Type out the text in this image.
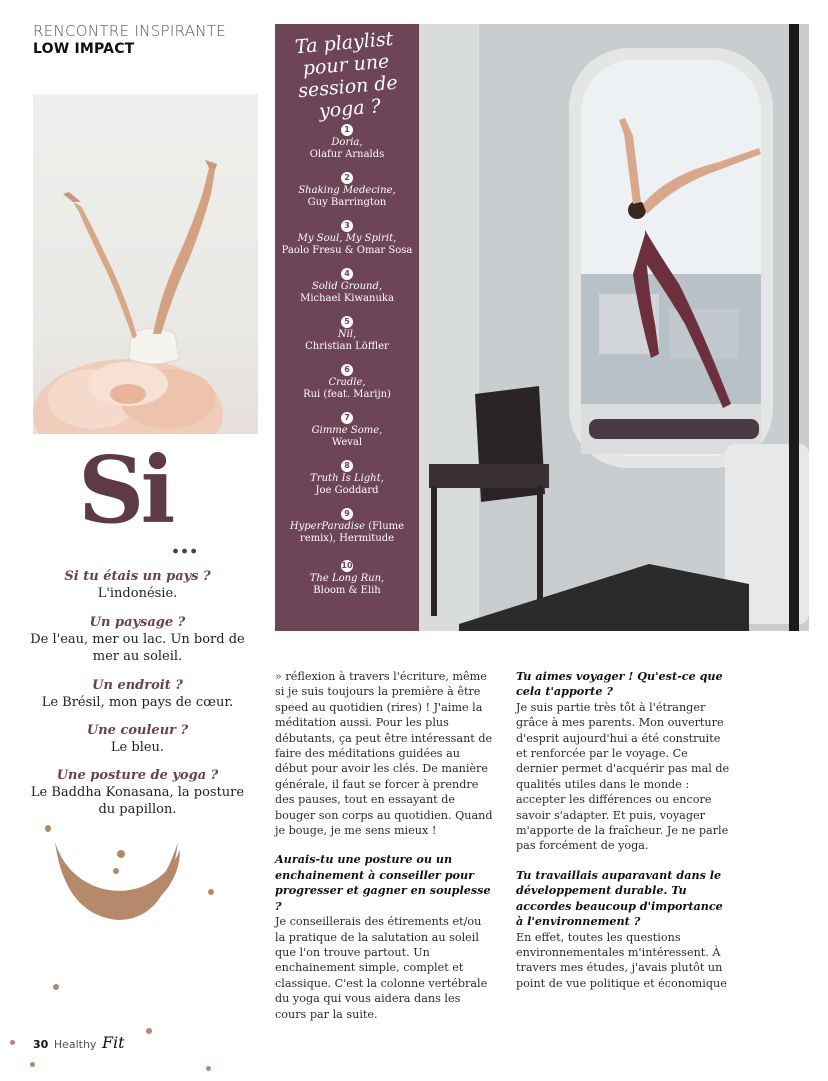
RENCONTRE INSPIRANTE
LOW IMPACT
Si
...
Si tu étais un pays ?
L'indonésie.
Un paysage ?
De l'eau, mer ou lac. Un bord de mer au soleil.
Un endroit ?
Le Brésil, mon pays de cœur.
Une couleur ?
Le bleu.
Une posture de yoga ?
Le Baddha Konasana, la posture du papillon.
Ta playlist pour une session de yoga ?
1
Doria,
Olafur Arnalds
2
Shaking Medecine,
Guy Barrington
3
My Soul, My Spirit,
Paolo Fresu & Omar Sosa
4
Solid Ground,
Michael Kiwanuka
5
Nil,
Christian Löffler
6
Cradle,
Rui (feat. Marijn)
7
Gimme Some,
Weval
8
Truth Is Light,
Joe Goddard
9
HyperParadise (Flume remix), Hermitude
10
The Long Run,
Bloom & Elih

» réflexion à travers l'écriture, même si je suis toujours la première à être speed au quotidien (rires) ! J'aime la méditation aussi. Pour les plus débutants, ça peut être intéressant de faire des méditations guidées au début pour avoir les clés. De manière générale, il faut se forcer à prendre des pauses, tout en essayant de bouger son corps au quotidien. Quand je bouge, je me sens mieux !

Aurais-tu une posture ou un enchainement à conseiller pour progresser et gagner en souplesse ?

Je conseillerais des étirements et/ou la pratique de la salutation au soleil que l'on trouve partout. Un enchainement simple, complet et classique. C'est la colonne vertébrale du yoga qui vous aidera dans les cours par la suite.

Tu aimes voyager ! Qu'est-ce que cela t'apporte ?

Je suis partie très tôt à l'étranger grâce à mes parents. Mon ouverture d'esprit aujourd'hui a été construite et renforcée par le voyage. Ce dernier permet d'acquérir pas mal de qualités utiles dans le monde : accepter les différences ou encore savoir s'adapter. Et puis, voyager m'apporte de la fraîcheur. Je ne parle pas forcément de yoga.

Tu travaillais auparavant dans le développement durable. Tu accordes beaucoup d'importance à l'environnement ?

En effet, toutes les questions environnementales m'intéressent. À travers mes études, j'avais plutôt un point de vue politique et économique

30 Healthy Fit
